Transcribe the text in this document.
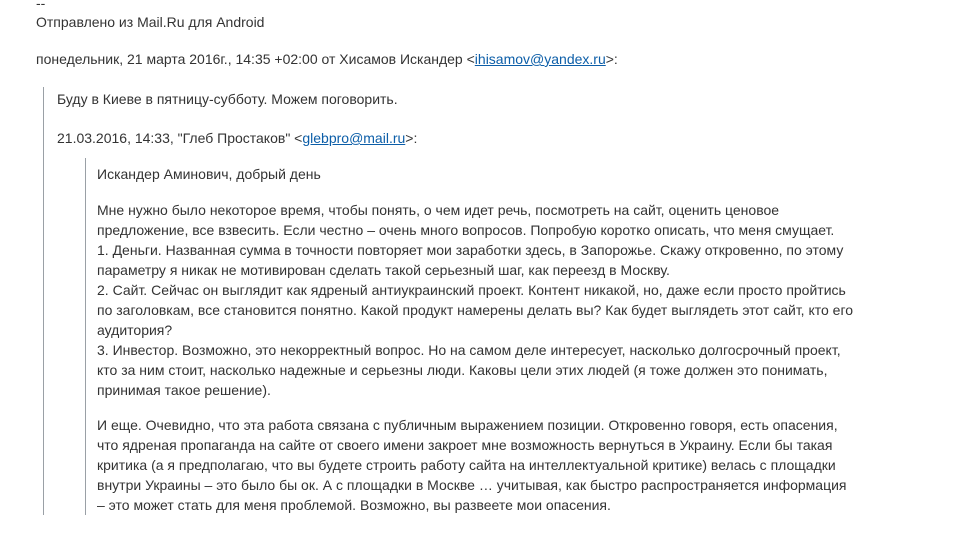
--
Отправлено из Mail.Ru для Android
понедельник, 21 марта 2016г., 14:35 +02:00 от Хисамов Искандер <ihisamov@yandex.ru>:
Буду в Киеве в пятницу-субботу. Можем поговорить.
21.03.2016, 14:33, "Глеб Простаков" <glebpro@mail.ru>:
Искандер Аминович, добрый день
Мне нужно было некоторое время, чтобы понять, о чем идет речь, посмотреть на сайт, оценить ценовое
предложение, все взвесить. Если честно – очень много вопросов. Попробую коротко описать, что меня смущает.
1. Деньги. Названная сумма в точности повторяет мои заработки здесь, в Запорожье. Скажу откровенно, по этому
параметру я никак не мотивирован сделать такой серьезный шаг, как переезд в Москву.
2. Сайт. Сейчас он выглядит как ядреный антиукраинский проект. Контент никакой, но, даже если просто пройтись
по заголовкам, все становится понятно. Какой продукт намерены делать вы? Как будет выглядеть этот сайт, кто его
аудитория?
3. Инвестор. Возможно, это некорректный вопрос. Но на самом деле интересует, насколько долгосрочный проект,
кто за ним стоит, насколько надежные и серьезны люди. Каковы цели этих людей (я тоже должен это понимать,
принимая такое решение).
И еще. Очевидно, что эта работа связана с публичным выражением позиции. Откровенно говоря, есть опасения,
что ядреная пропаганда на сайте от своего имени закроет мне возможность вернуться в Украину. Если бы такая
критика (а я предполагаю, что вы будете строить работу сайта на интеллектуальной критике) велась с площадки
внутри Украины – это было бы ок. А с площадки в Москве … учитывая, как быстро распространяется информация
– это может стать для меня проблемой. Возможно, вы развеете мои опасения.
